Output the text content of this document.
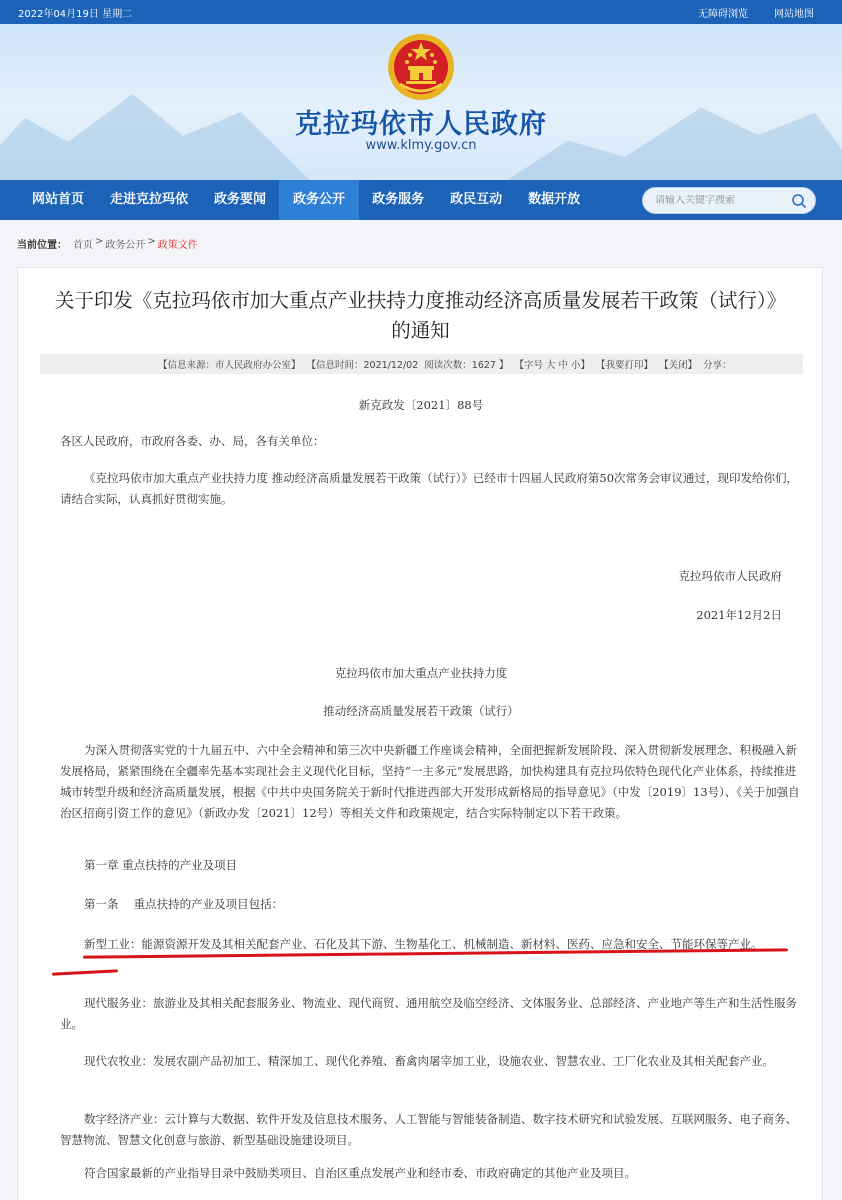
2022年04月19日 星期二	无障碍浏览	网站地图
克拉玛依市人民政府
www.klmy.gov.cn
网站首页	走进克拉玛依	政务要闻	政务公开	政务服务	政民互动	数据开放
请输入关键字搜索
当前位置： 首页 > 政务公开 > 政策文件
关于印发《克拉玛依市加大重点产业扶持力度推动经济高质量发展若干政策（试行）》的通知
【信息来源：市人民政府办公室】 【信息时间：2021/12/02 阅读次数：1627 】 【字号 大 中 小】 【我要打印】 【关闭】 分享：
新克政发〔2021〕88号
各区人民政府，市政府各委、办、局，各有关单位：
《克拉玛依市加大重点产业扶持力度 推动经济高质量发展若干政策（试行）》已经市十四届人民政府第50次常务会审议通过，现印发给你们，请结合实际，认真抓好贯彻实施。
克拉玛依市人民政府
2021年12月2日
克拉玛依市加大重点产业扶持力度
推动经济高质量发展若干政策（试行）
为深入贯彻落实党的十九届五中、六中全会精神和第三次中央新疆工作座谈会精神，全面把握新发展阶段、深入贯彻新发展理念、积极融入新发展格局，紧紧围绕在全疆率先基本实现社会主义现代化目标，坚持“一主多元”发展思路，加快构建具有克拉玛依特色现代化产业体系，持续推进城市转型升级和经济高质量发展，根据《中共中央国务院关于新时代推进西部大开发形成新格局的指导意见》（中发〔2019〕13号）、《关于加强自治区招商引资工作的意见》（新政办发〔2021〕12号）等相关文件和政策规定，结合实际特制定以下若干政策。
第一章 重点扶持的产业及项目
第一条　 重点扶持的产业及项目包括：
新型工业：能源资源开发及其相关配套产业、石化及其下游、生物基化工、机械制造、新材料、医药、应急和安全、节能环保等产业。
现代服务业：旅游业及其相关配套服务业、物流业、现代商贸、通用航空及临空经济、文体服务业、总部经济、产业地产等生产和生活性服务业。
现代农牧业：发展农副产品初加工、精深加工、现代化养殖、畜禽肉屠宰加工业，设施农业、智慧农业、工厂化农业及其相关配套产业。
数字经济产业：云计算与大数据、软件开发及信息技术服务、人工智能与智能装备制造、数字技术研究和试验发展、互联网服务、电子商务、智慧物流、智慧文化创意与旅游、新型基础设施建设项目。
符合国家最新的产业指导目录中鼓励类项目、自治区重点发展产业和经市委、市政府确定的其他产业及项目。
